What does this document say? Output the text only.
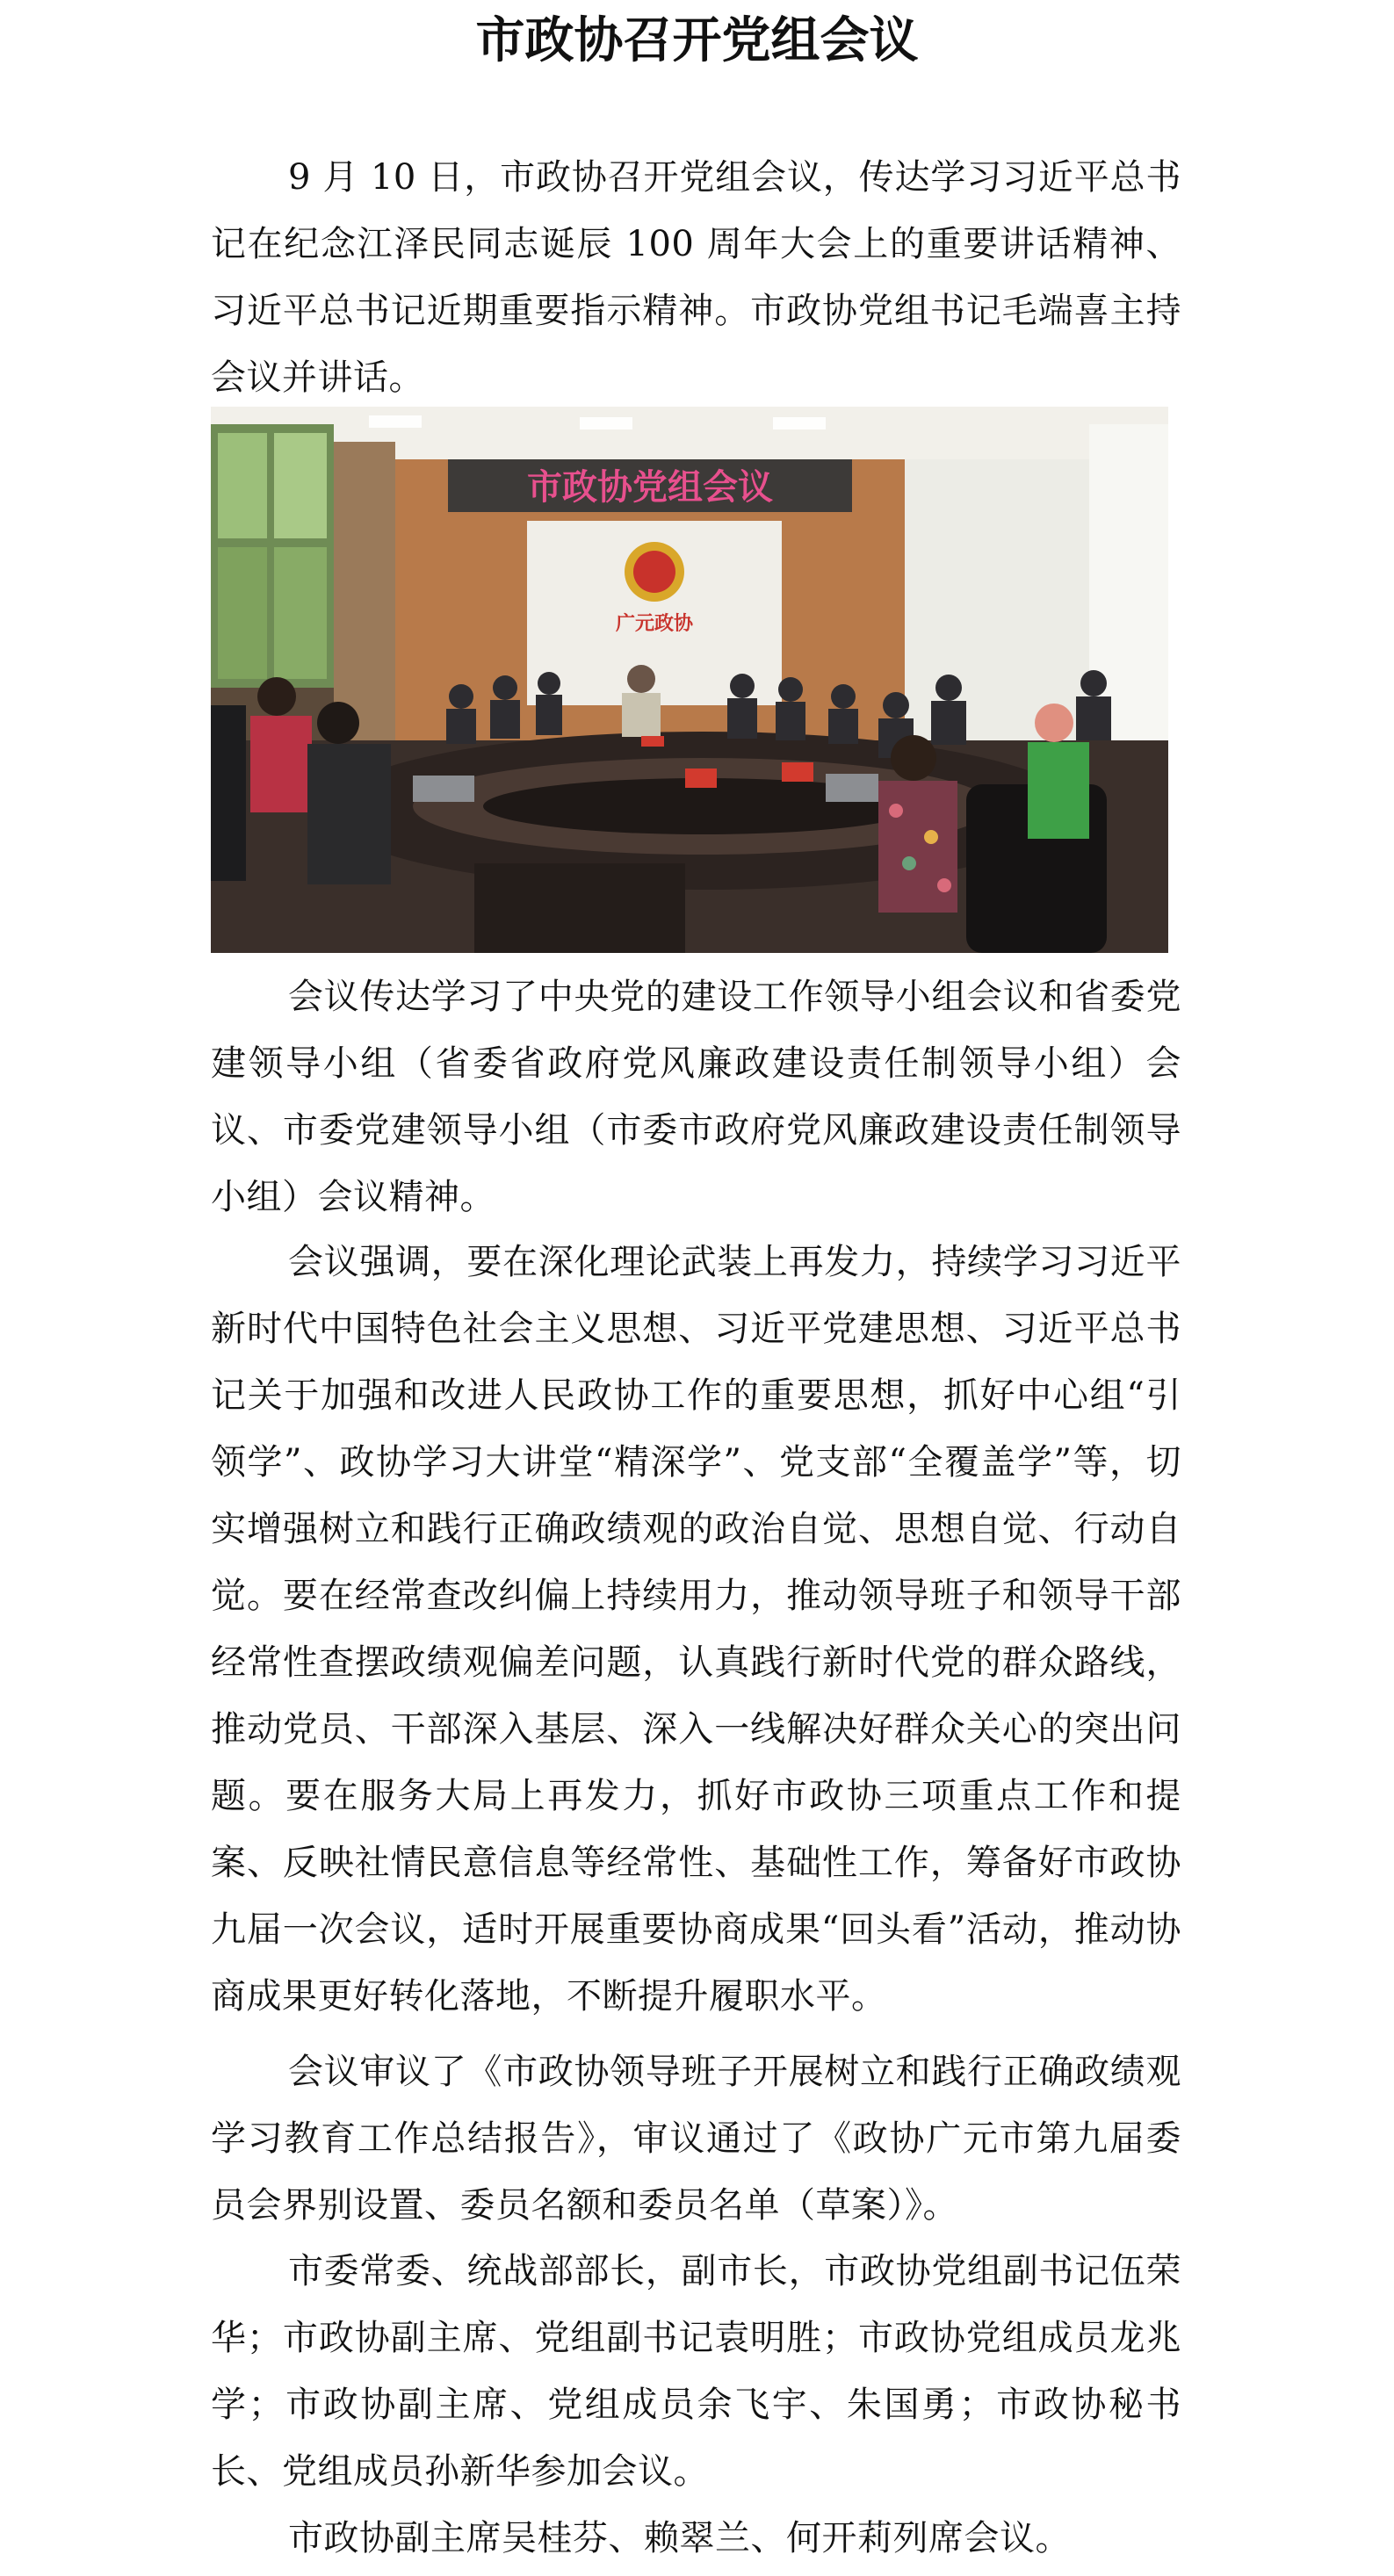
市政协召开党组会议

9 月 10 日，市政协召开党组会议，传达学习习近平总书记在纪念江泽民同志诞辰 100 周年大会上的重要讲话精神、习近平总书记近期重要指示精神。市政协党组书记毛端喜主持会议并讲话。

市政协党组会议
广元政协

会议传达学习了中央党的建设工作领导小组会议和省委党建领导小组（省委省政府党风廉政建设责任制领导小组）会议、市委党建领导小组（市委市政府党风廉政建设责任制领导小组）会议精神。

会议强调，要在深化理论武装上再发力，持续学习习近平新时代中国特色社会主义思想、习近平党建思想、习近平总书记关于加强和改进人民政协工作的重要思想，抓好中心组“引领学”、政协学习大讲堂“精深学”、党支部“全覆盖学”等，切实增强树立和践行正确政绩观的政治自觉、思想自觉、行动自觉。要在经常查改纠偏上持续用力，推动领导班子和领导干部经常性查摆政绩观偏差问题，认真践行新时代党的群众路线，推动党员、干部深入基层、深入一线解决好群众关心的突出问题。要在服务大局上再发力，抓好市政协三项重点工作和提案、反映社情民意信息等经常性、基础性工作，筹备好市政协九届一次会议，适时开展重要协商成果“回头看”活动，推动协商成果更好转化落地，不断提升履职水平。

会议审议了《市政协领导班子开展树立和践行正确政绩观学习教育工作总结报告》，审议通过了《政协广元市第九届委员会界别设置、委员名额和委员名单（草案）》。

市委常委、统战部部长，副市长，市政协党组副书记伍荣华；市政协副主席、党组副书记袁明胜；市政协党组成员龙兆学；市政协副主席、党组成员余飞宇、朱国勇；市政协秘书长、党组成员孙新华参加会议。

市政协副主席吴桂芬、赖翠兰、何开莉列席会议。
